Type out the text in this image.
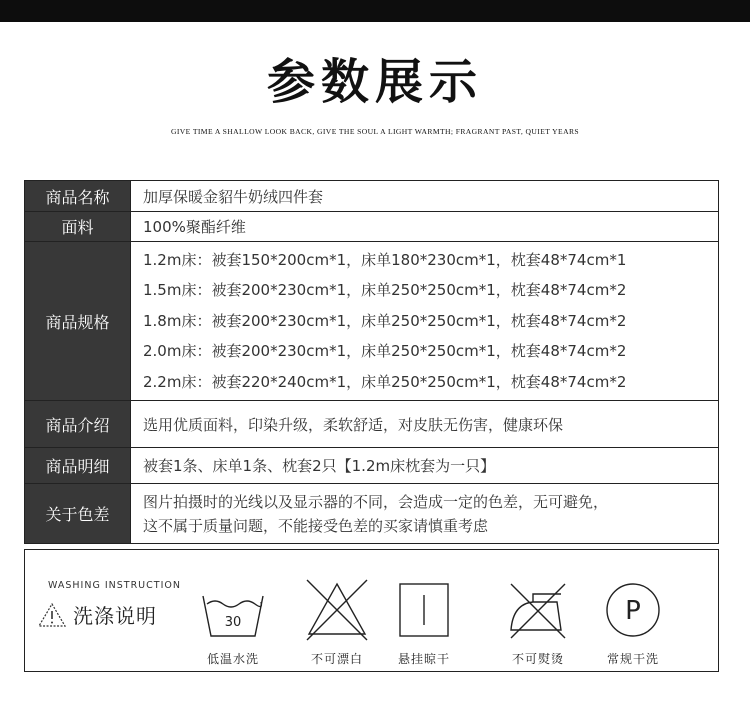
参数展示
GIVE TIME A SHALLOW LOOK BACK, GIVE THE SOUL A LIGHT WARMTH; FRAGRANT PAST, QUIET YEARS
商品名称	加厚保暖金貂牛奶绒四件套
面料	100%聚酯纤维
商品规格	1.2m床：被套150*200cm*1，床单180*230cm*1，枕套48*74cm*1
1.5m床：被套200*230cm*1，床单250*250cm*1，枕套48*74cm*2
1.8m床：被套200*230cm*1，床单250*250cm*1，枕套48*74cm*2
2.0m床：被套200*230cm*1，床单250*250cm*1，枕套48*74cm*2
2.2m床：被套220*240cm*1，床单250*250cm*1，枕套48*74cm*2

商品介绍	选用优质面料，印染升级，柔软舒适，对皮肤无伤害，健康环保
商品明细	被套1条、床单1条、枕套2只【1.2m床枕套为一只】
关于色差	图片拍摄时的光线以及显示器的不同，会造成一定的色差，无可避免，
这不属于质量问题，不能接受色差的买家请慎重考虑
WASHING INSTRUCTION
洗涤说明	30
低温水洗	不可漂白	悬挂晾干	不可熨烫
P
常规干洗
